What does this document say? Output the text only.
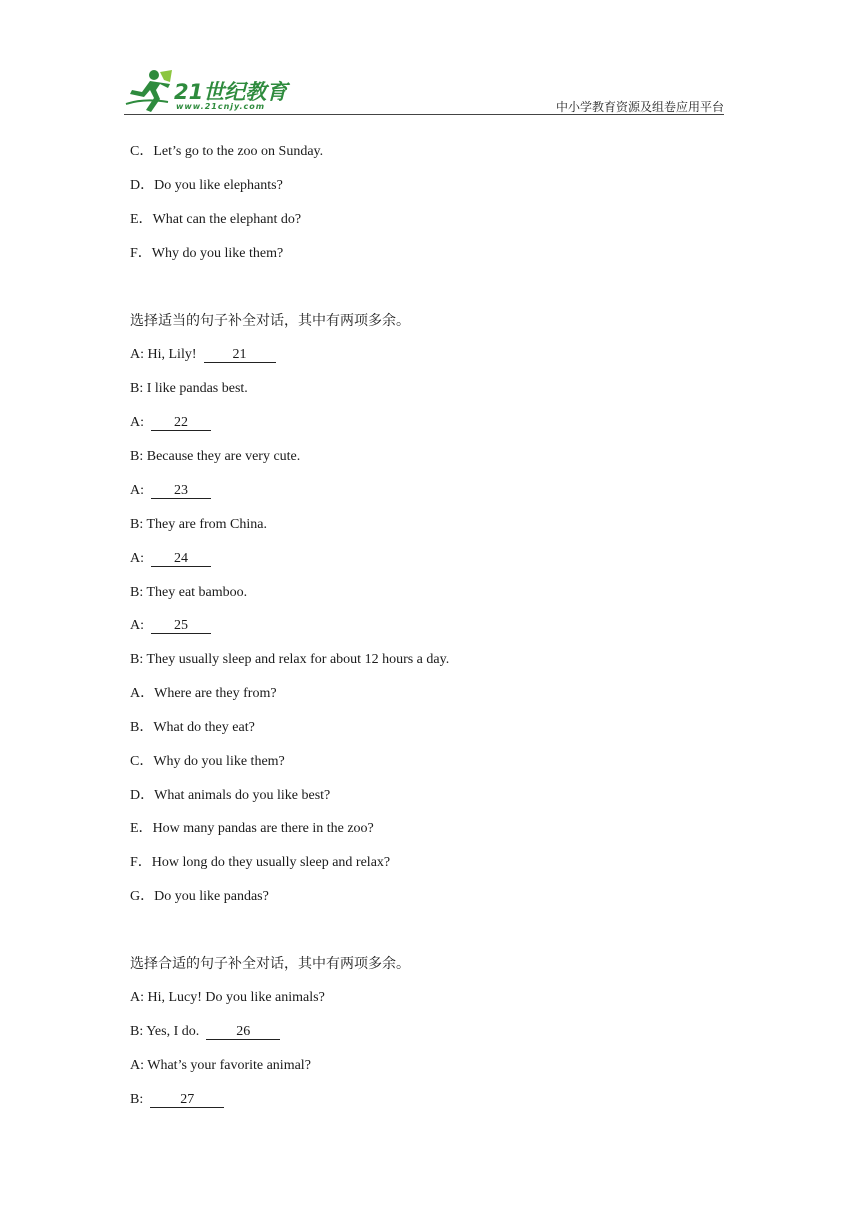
21世纪教育
www.21cnjy.com	中小学教育资源及组卷应用平台
C．Let’s go to the zoo on Sunday.
D．Do you like elephants?
E．What can the elephant do?
F．Why do you like them?
选择适当的句子补全对话，其中有两项多余。
A: Hi, Lily!	21
B: I like pandas best.
A: 22
B: Because they are very cute.
A: 23
B: They are from China.
A: 24
B: They eat bamboo.
A: 25
B: They usually sleep and relax for about 12 hours a day.
A．Where are they from?
B．What do they eat?
C．Why do you like them?
D．What animals do you like best?
E．How many pandas are there in the zoo?
F．How long do they usually sleep and relax?
G．Do you like pandas?
选择合适的句子补全对话，其中有两项多余。
A: Hi, Lucy! Do you like animals?
B: Yes, I do.	26
A: What’s your favorite animal?
B:	27
